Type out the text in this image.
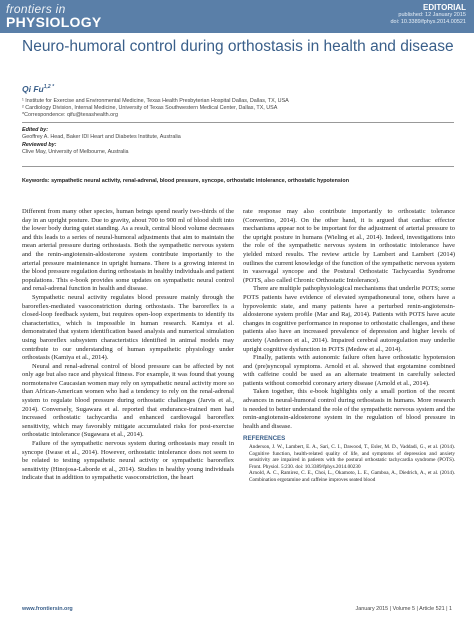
frontiers in
PHYSIOLOGY
EDITORIAL
published: 12 January 2015
doi: 10.3389/fphys.2014.00521
Neuro-humoral control during orthostasis in health and disease
Qi $Fu^{1,2 *}$
¹ Institute for Exercise and Environmental Medicine, Texas Health Presbyterian Hospital Dallas, Dallas, TX, USA
² Cardiology Division, Internal Medicine, University of Texas Southwestern Medical Center, Dallas, TX, USA
*Correspondence: qifu@texashealth.org
Edited by:
Geoffrey A. Head, Baker IDI Heart and Diabetes Institute, Australia
Reviewed by:
Clive May, University of Melbourne, Australia
Keywords: sympathetic neural activity, renal-adrenal, blood pressure, syncope, orthostatic intolerance, orthostatic hypotension

Different from many other species, human beings spend nearly two-thirds of the day in an upright posture. Due to gravity, about 700 to 900 ml of blood shift into the lower body during quiet standing. As a result, central blood volume decreases and this leads to a series of neural-humoral adjustments that aim to maintain the mean arterial pressure during orthostasis. Both the sympathetic nervous system and the renin-angiotensin-aldosterone system contribute importantly to the arterial pressure maintenance in upright humans. There is a growing interest in the blood pressure regulation during orthostasis in healthy individuals and patient populations. This e-book provides some updates on sympathetic neural control and renal-adrenal function in health and disease.

Sympathetic neural activity regulates blood pressure mainly through the baroreflex-mediated vasoconstriction during orthostasis. The baroreflex is a closed-loop feedback system, but requires open-loop experiments to identify its characteristics, which is impossible in human research. Kamiya et al. demonstrated that system identification based analysis and numerical simulation using baroreflex subsystem characteristics identified in animal models may contribute to our understanding of human sympathetic physiology under orthostasis (Kamiya et al., 2014).

Neural and renal-adrenal control of blood pressure can be affected by not only age but also race and physical fitness. For example, it was found that young normotensive Caucasian women may rely on sympathetic neural activity more so than African-American women who had a tendency to rely on the renal-adrenal system to regulate blood pressure during orthostatic challenges (Jarvis et al., 2014). Conversely, Sugawara et al. reported that endurance-trained men had increased orthostatic tachycardia and enhanced cardiovagal baroreflex sensitivity, which may favorably mitigate accumulated risks for post-exercise orthostatic intolerance (Sugawara et al., 2014).

Failure of the sympathetic nervous system during orthostasis may result in syncope (Iwase et al., 2014). However, orthostatic intolerance does not seem to be related to testing sympathetic neural activity or sympathetic baroreflex sensitivity (Hinojosa-Laborde et al., 2014). Studies in healthy young individuals indicate that in addition to sympathetic vasoconstriction, the heart

rate response may also contribute importantly to orthostatic tolerance (Convertino, 2014). On the other hand, it is argued that cardiac effector mechanisms appear not to be important for the adjustment of arterial pressure to the upright posture in humans (Wieling et al., 2014). Indeed, investigations into the role of the sympathetic nervous system in orthostatic intolerance have yielded mixed results. The review article by Lambert and Lambert (2014) outlines the current knowledge of the function of the sympathetic nervous system in vasovagal syncope and the Postural Orthostatic Tachycardia Syndrome (POTS, also called Chronic Orthostatic Intolerance).

There are multiple pathophysiological mechanisms that underlie POTS; some POTS patients have evidence of elevated sympathoneural tone, others have a hypovolemic state, and many patients have a perturbed renin-angiotensin-aldosterone system profile (Mar and Raj, 2014). Patients with POTS have acute changes in cognitive performance in response to orthostatic challenges, and these patients also have an increased prevalence of depression and higher levels of anxiety (Anderson et al., 2014). Impaired cerebral autoregulation may underlie upright cognitive dysfunction in POTS (Medow et al., 2014).

Finally, patients with autonomic failure often have orthostatic hypotension and (pre)syncopal symptoms. Arnold et al. showed that ergotamine combined with caffeine could be used as an alternate treatment in carefully selected patients without comorbid coronary artery disease (Arnold et al., 2014).

Taken together, this e-book highlights only a small portion of the recent advances in neural-humoral control during orthostasis in humans. More research is needed to better understand the role of the sympathetic nervous system and the renin-angiotensin-aldosterone system in the regulation of blood pressure in health and disease.

REFERENCES

Anderson, J. W., Lambert, E. A., Sari, C. I., Dawood, T., Esler, M. D., Vaddadi, G., et al. (2014). Cognitive function, health-related quality of life, and symptoms of depression and anxiety sensitivity are impaired in patients with the postural orthostatic tachycardia syndrome (POTS). Front. Physiol. 5:230. doi: 10.3389/fphys.2014.00230

Arnold, A. C., Ramirez, C. E., Choi, L., Okamoto, L. E., Gamboa, A., Diedrich, A., et al. (2014). Combination ergotamine and caffeine improves seated blood

www.frontiersin.org	January 2015 | Volume 5 | Article 521 | 1
